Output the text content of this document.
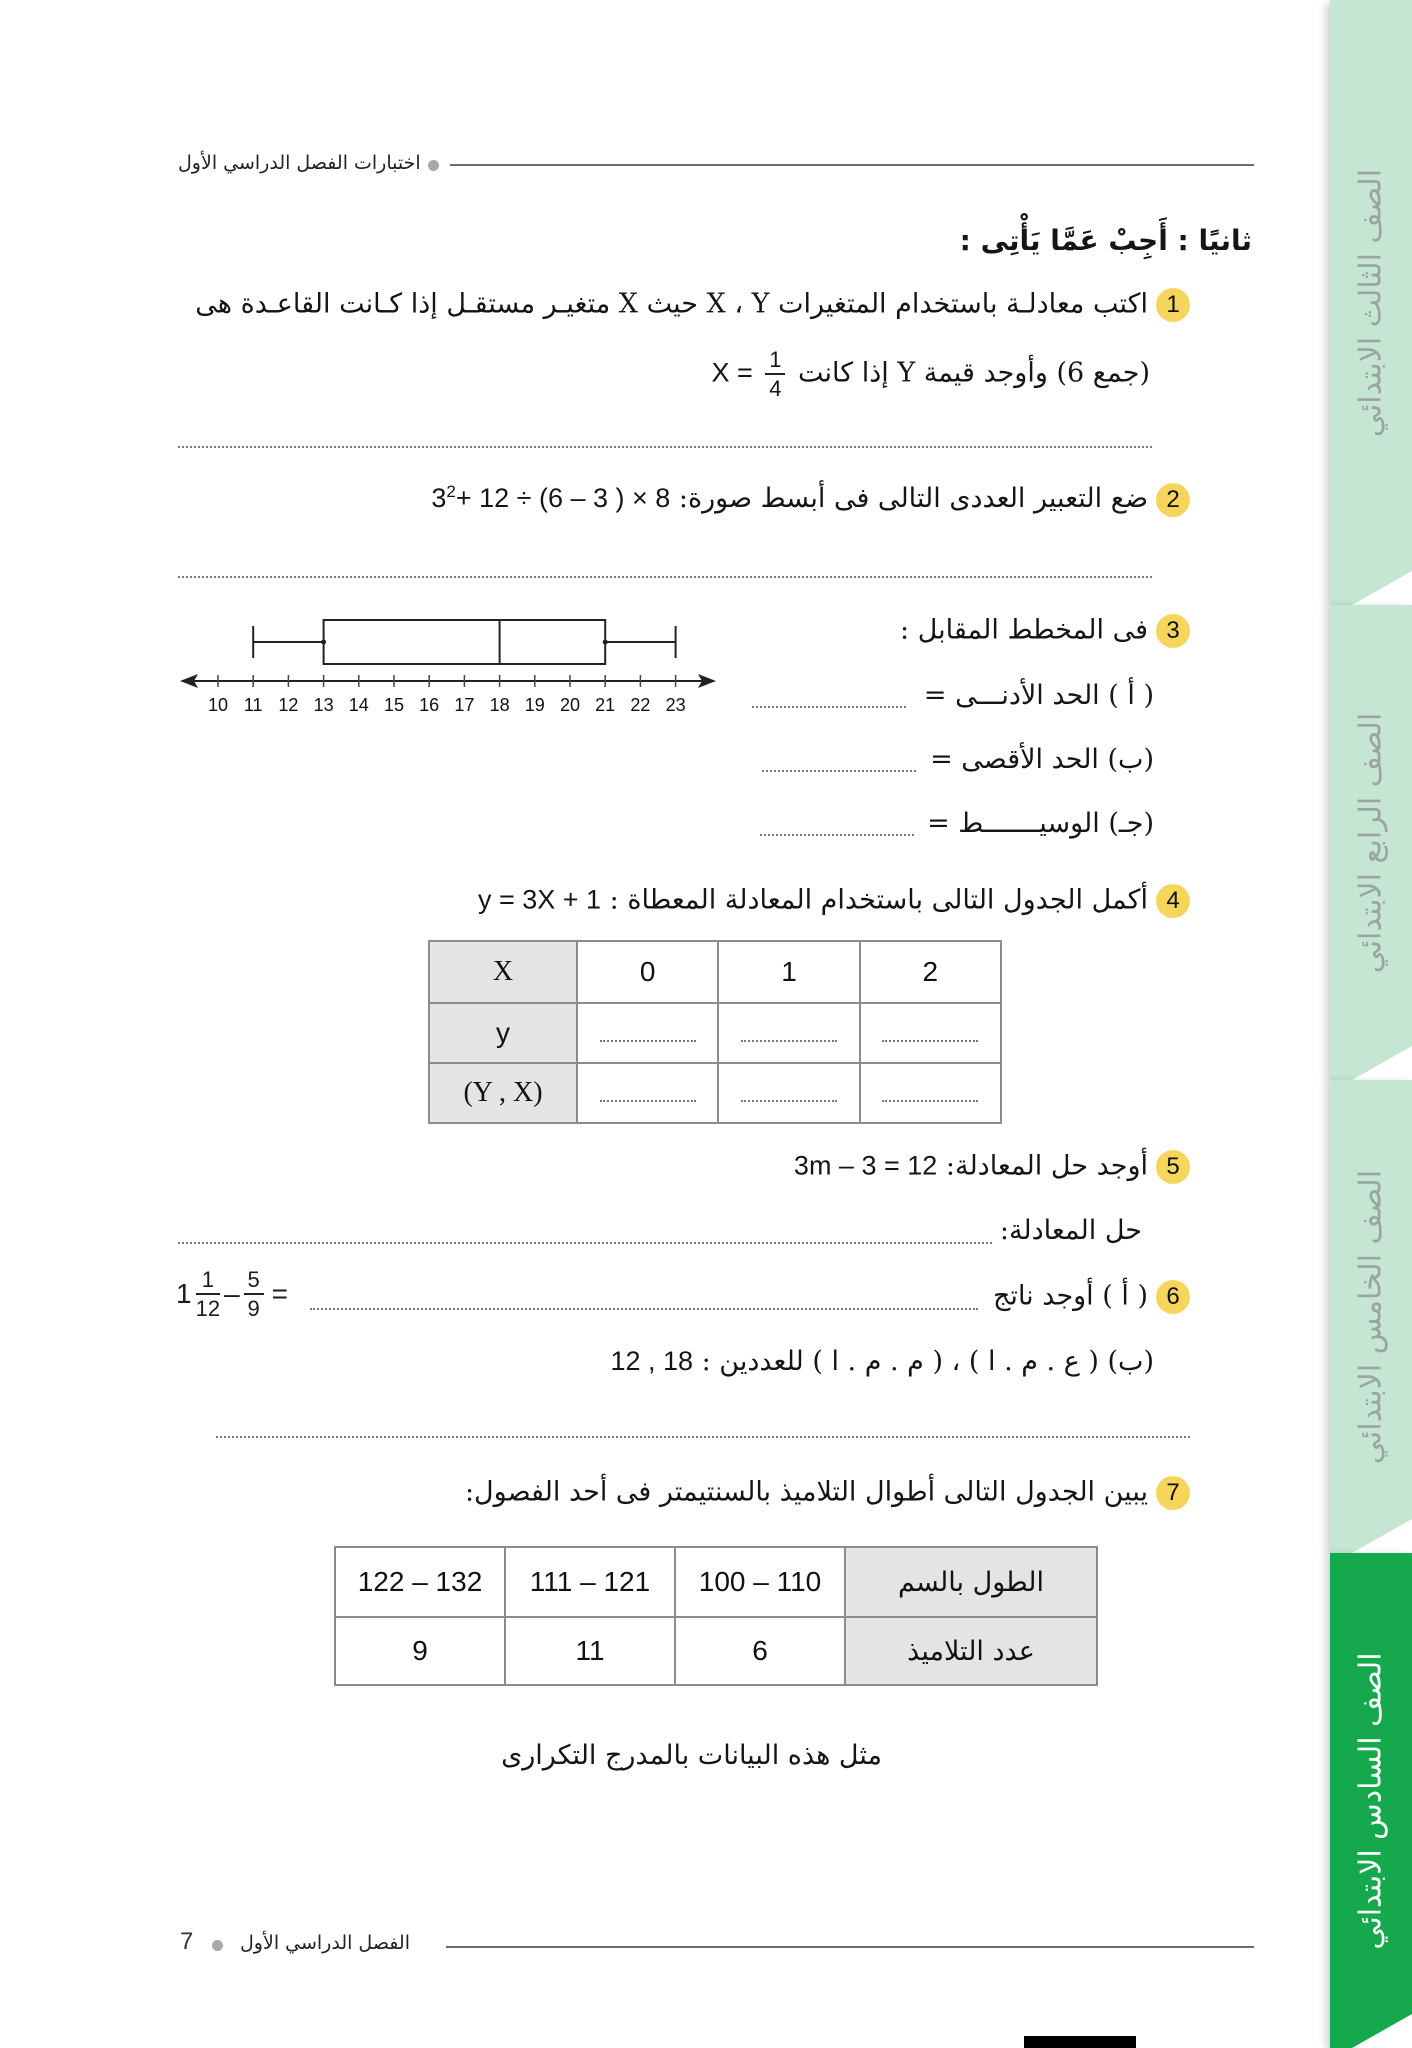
الصف الثالث الابتدائي
الصف الرابع الابتدائي
الصف الخامس الابتدائي
الصف السادس الابتدائي
اختبارات الفصل الدراسي الأول
ثانيًا : أَجِبْ عَمَّا يَأْتِى :
1اكتب معادلـة باستخدام المتغيرات X ، Y حيث X متغيـر مستقـل إذا كـانت القاعـدة هى
(جمع 6) وأوجد قيمة Y إذا كانت
$\frac{1}{4}$
X =
2ضع التعبير العددى التالى فى أبسط صورة: $3^2+ 12 \div (6 - 3$ ) × 8
10 11 12 13 14 15 16 17 18 19 20 21 22 23
3فى المخطط المقابل :
( أ ) الحد الأدنـــى =
(ب) الحد الأقصى =
(جـ) الوسيـــــــط =
4أكمل الجدول التالى باستخدام المعادلة المعطاة : y = 3X + 1
X	0	1	2
y			
(Y , X)			
5أوجد حل المعادلة: 3m – 3 = 12
حل المعادلة:
6( أ ) أوجد ناتج
$1 \frac{1}{12} - \frac{5}{9}$ =
(ب) ( ع . م . ا ) ، ( م . م . ا ) للعددين : 12 , 18
7يبين الجدول التالى أطوال التلاميذ بالسنتيمتر فى أحد الفصول:
122 – 132	111 – 121	100 – 110	الطول بالسم
9	11	6	عدد التلاميذ
مثل هذه البيانات بالمدرج التكرارى
الفصل الدراسي الأول
7
